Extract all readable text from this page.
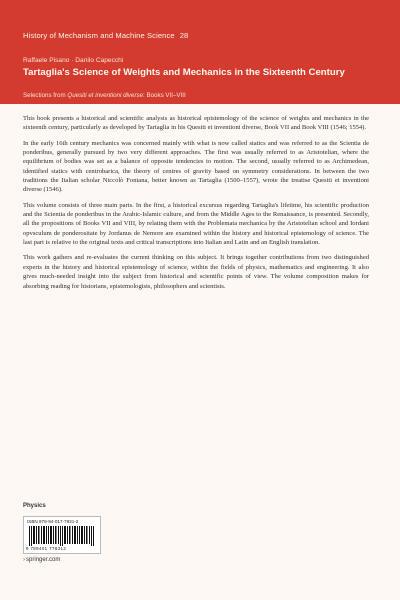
History of Mechanism and Machine Science 28
Raffaele Pisano · Danilo Capecchi
Tartaglia's Science of Weights and Mechanics in the Sixteenth Century
Selections from Quesiti et inventioni diverse: Books VII–VIII

This book presents a historical and scientific analysis as historical epistemology of the science of weights and mechanics in the sixteenth century, particularly as developed by Tartaglia in his Quesiti et inventioni diverse, Book VII and Book VIII (1546; 1554).

In the early 16th century mechanics was concerned mainly with what is now called statics and was referred to as the Scientia de ponderibus, generally pursued by two very different approaches. The first was usually referred to as Aristotelian, where the equilibrium of bodies was set as a balance of opposite tendencies to motion. The second, usually referred to as Archimedean, identified statics with centrobarica, the theory of centres of gravity based on symmetry considerations. In between the two traditions the Italian scholar Niccolò Fontana, better known as Tartaglia (1500–1557), wrote the treatise Quesiti et inventioni diverse (1546).

This volume consists of three main parts. In the first, a historical excursus regarding Tartaglia's lifetime, his scientific production and the Scientia de ponderibus in the Arabic-Islamic culture, and from the Middle Ages to the Renaissance, is presented. Secondly, all the propositions of Books VII and VIII, by relating them with the Problemata mechanica by the Aristotelian school and Iordani opvsculum de ponderositate by Jordanus de Nemore are examined within the history and historical epistemology of science. The last part is relative to the original texts and critical transcriptions into Italian and Latin and an English translation.

This work gathers and re-evaluates the current thinking on this subject. It brings together contributions from two distinguished experts in the history and historical epistemology of science, within the fields of physics, mathematics and engineering. It also gives much-needed insight into the subject from historical and scientific points of view. The volume composition makes for absorbing reading for historians, epistemologists, philosophers and scientists.

Physics
ISBN 978-94-017-7831-2
9 789401 778312
›springer.com
